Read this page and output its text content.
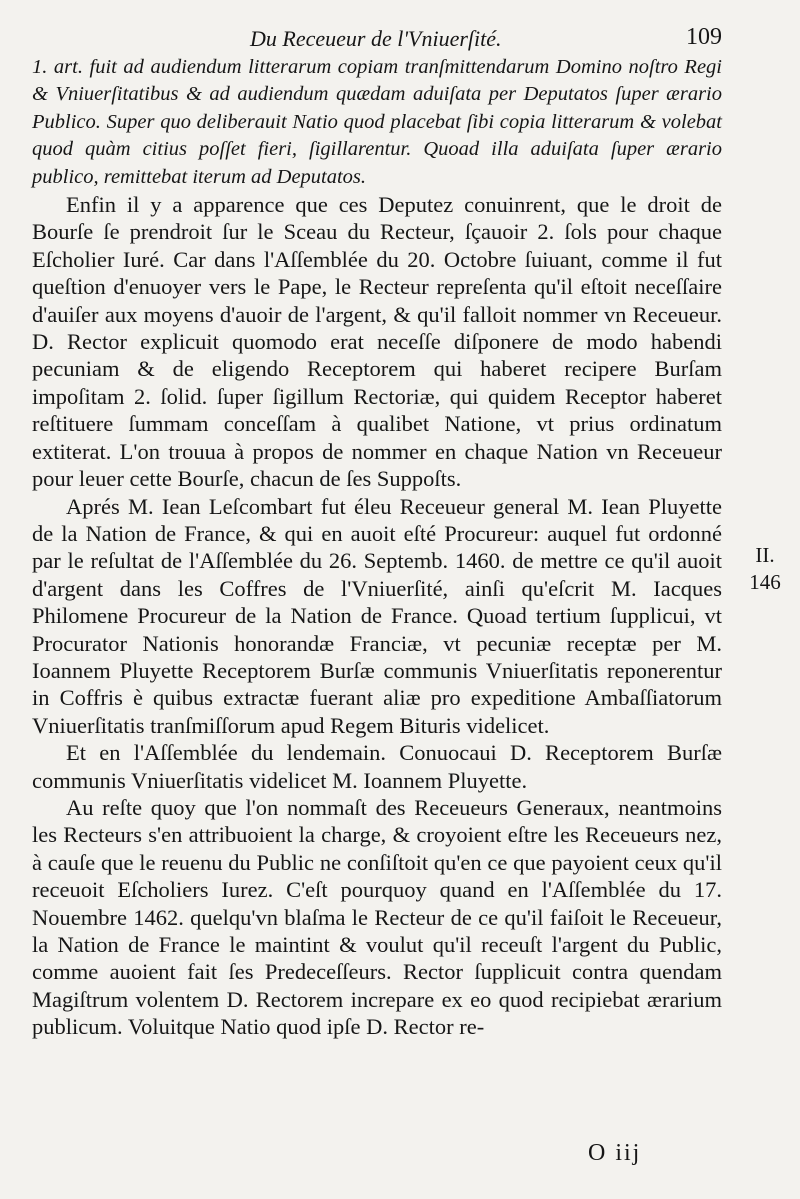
Du Receueur de l'Vniuerſité.	109

1. art. fuit ad audiendum litterarum copiam tranſmittendarum Domino noſtro Regi & Vniuerſitatibus & ad audiendum quædam aduiſata per Deputatos ſuper ærario Publico. Super quo deliberauit Natio quod placebat ſibi copia litterarum & volebat quod quàm citius poſſet fieri, ſigillarentur. Quoad illa aduiſata ſuper ærario publico, remittebat iterum ad Deputatos.

Enfin il y a apparence que ces Deputez conuinrent, que le droit de Bourſe ſe prendroit ſur le Sceau du Recteur, ſçauoir 2. ſols pour chaque Eſcholier Iuré. Car dans l'Aſſemblée du 20. Octobre ſuiuant, comme il fut queſtion d'enuoyer vers le Pape, le Recteur repreſenta qu'il eſtoit neceſſaire d'auiſer aux moyens d'auoir de l'argent, & qu'il falloit nommer vn Receueur. D. Rector explicuit quomodo erat neceſſe diſponere de modo habendi pecuniam & de eligendo Receptorem qui haberet recipere Burſam impoſitam 2. ſolid. ſuper ſigillum Rectoriæ, qui quidem Receptor haberet reſtituere ſummam conceſſam à qualibet Natione, vt prius ordinatum extiterat. L'on trouua à propos de nommer en chaque Nation vn Receueur pour leuer cette Bourſe, chacun de ſes Suppoſts.

Aprés M. Iean Leſcombart fut éleu Receueur general M. Iean Pluyette de la Nation de France, & qui en auoit eſté Procureur: auquel fut ordonné par le reſultat de l'Aſſemblée du 26. Septemb. 1460. de mettre ce qu'il auoit d'argent dans les Coffres de l'Vniuerſité, ainſi qu'eſcrit M. Iacques Philomene Procureur de la Nation de France. Quoad tertium ſupplicui, vt Procurator Nationis honorandæ Franciæ, vt pecuniæ receptæ per M. Ioannem Pluyette Receptorem Burſæ communis Vniuerſitatis reponerentur in Coffris è quibus extractæ fuerant aliæ pro expeditione Ambaſſiatorum Vniuerſitatis tranſmiſſorum apud Regem Bituris videlicet.

Et en l'Aſſemblée du lendemain. Conuocaui D. Receptorem Burſæ communis Vniuerſitatis videlicet M. Ioannem Pluyette.

Au reſte quoy que l'on nommaſt des Receueurs Generaux, neantmoins les Recteurs s'en attribuoient la charge, & croyoient eſtre les Receueurs nez, à cauſe que le reuenu du Public ne conſiſtoit qu'en ce que payoient ceux qu'il receuoit Eſcholiers Iurez. C'eſt pourquoy quand en l'Aſſemblée du 17. Nouembre 1462. quelqu'vn blaſma le Recteur de ce qu'il faiſoit le Receueur, la Nation de France le maintint & voulut qu'il receuſt l'argent du Public, comme auoient fait ſes Predeceſſeurs. Rector ſupplicuit contra quendam Magiſtrum volentem D. Rectorem increpare ex eo quod recipiebat ærarium publicum. Voluitque Natio quod ipſe D. Rector re-

II.
146
O iij
